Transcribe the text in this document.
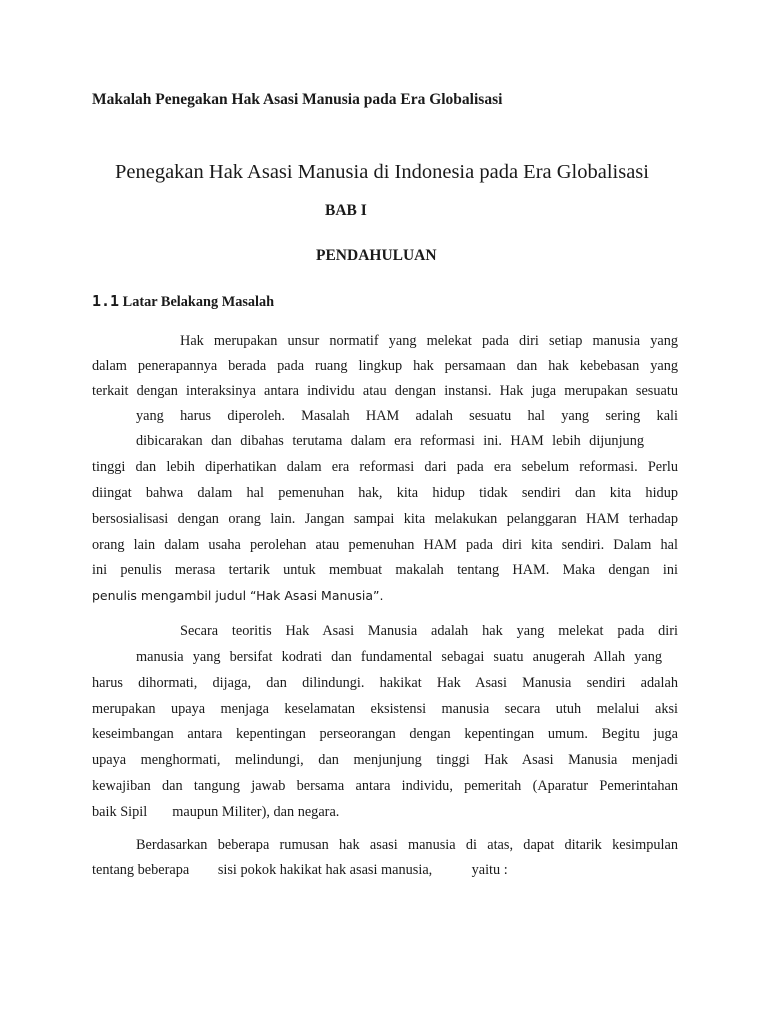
Makalah Penegakan Hak Asasi Manusia pada Era Globalisasi
Penegakan Hak Asasi Manusia di Indonesia pada Era Globalisasi
BAB I
PENDAHULUAN
1.1 Latar Belakang Masalah
Hak merupakan unsur normatif yang melekat pada diri setiap manusia yang
dalam penerapannya berada pada ruang lingkup hak persamaan dan hak kebebasan yang
terkait dengan interaksinya antara individu atau dengan instansi. Hak juga merupakan sesuatu
yang harus diperoleh. Masalah HAM adalah sesuatu hal yang sering kali
dibicarakan dan dibahas terutama dalam era reformasi ini. HAM lebih dijunjung
tinggi dan lebih diperhatikan dalam era reformasi dari pada era sebelum reformasi. Perlu
diingat bahwa dalam hal pemenuhan hak, kita hidup tidak sendiri dan kita hidup
bersosialisasi dengan orang lain. Jangan sampai kita melakukan pelanggaran HAM terhadap
orang lain dalam usaha perolehan atau pemenuhan HAM pada diri kita sendiri. Dalam hal
ini penulis merasa tertarik untuk membuat makalah tentang HAM. Maka dengan ini
penulis mengambil judul “Hak Asasi Manusia”.
Secara teoritis Hak Asasi Manusia adalah hak yang melekat pada diri
manusia yang bersifat kodrati dan fundamental sebagai suatu anugerah Allah yang
harus dihormati, dijaga, dan dilindungi. hakikat Hak Asasi Manusia sendiri adalah
merupakan upaya menjaga keselamatan eksistensi manusia secara utuh melalui aksi
keseimbangan antara kepentingan perseorangan dengan kepentingan umum. Begitu juga
upaya menghormati, melindungi, dan menjunjung tinggi Hak Asasi Manusia menjadi
kewajiban dan tangung jawab bersama antara individu, pemeritah (Aparatur Pemerintahan
baik Sipil       maupun Militer), dan negara.
Berdasarkan beberapa rumusan hak asasi manusia di atas, dapat ditarik kesimpulan
tentang beberapa        sisi pokok hakikat hak asasi manusia,           yaitu :
